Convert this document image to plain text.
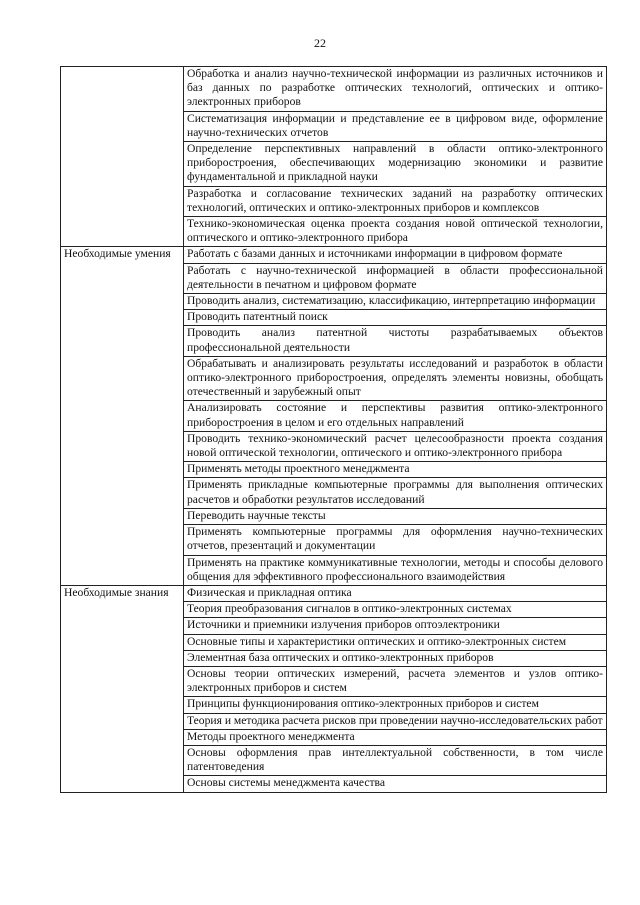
22
	Обработка и анализ научно-технической информации из различных источников и баз данных по разработке оптических технологий, оптических и оптико-электронных приборов
	Систематизация информации и представление ее в цифровом виде, оформление научно-технических отчетов
	Определение перспективных направлений в области оптико-электронного приборостроения, обеспечивающих модернизацию экономики и развитие фундаментальной и прикладной науки
	Разработка и согласование технических заданий на разработку оптических технологий, оптических и оптико-электронных приборов и комплексов
	Технико-экономическая оценка проекта создания новой оптической технологии, оптического и оптико-электронного прибора
Необходимые умения	Работать с базами данных и источниками информации в цифровом формате
	Работать с научно-технической информацией в области профессиональной деятельности в печатном и цифровом формате
	Проводить анализ, систематизацию, классификацию, интерпретацию информации
	Проводить патентный поиск
	Проводить анализ патентной чистоты разрабатываемых объектов профессиональной деятельности
	Обрабатывать и анализировать результаты исследований и разработок в области оптико-электронного приборостроения, определять элементы новизны, обобщать отечественный и зарубежный опыт
	Анализировать состояние и перспективы развития оптико-электронного приборостроения в целом и его отдельных направлений
	Проводить технико-экономический расчет целесообразности проекта создания новой оптической технологии, оптического и оптико-электронного прибора
	Применять методы проектного менеджмента
	Применять прикладные компьютерные программы для выполнения оптических расчетов и обработки результатов исследований
	Переводить научные тексты
	Применять компьютерные программы для оформления научно-технических отчетов, презентаций и документации
	Применять на практике коммуникативные технологии, методы и способы делового общения для эффективного профессионального взаимодействия
Необходимые знания	Физическая и прикладная оптика
	Теория преобразования сигналов в оптико-электронных системах
	Источники и приемники излучения приборов оптоэлектроники
	Основные типы и характеристики оптических и оптико-электронных систем
	Элементная база оптических и оптико-электронных приборов
	Основы теории оптических измерений, расчета элементов и узлов оптико-электронных приборов и систем
	Принципы функционирования оптико-электронных приборов и систем
	Теория и методика расчета рисков при проведении научно-исследовательских работ
	Методы проектного менеджмента
	Основы оформления прав интеллектуальной собственности, в том числе патентоведения
	Основы системы менеджмента качества
